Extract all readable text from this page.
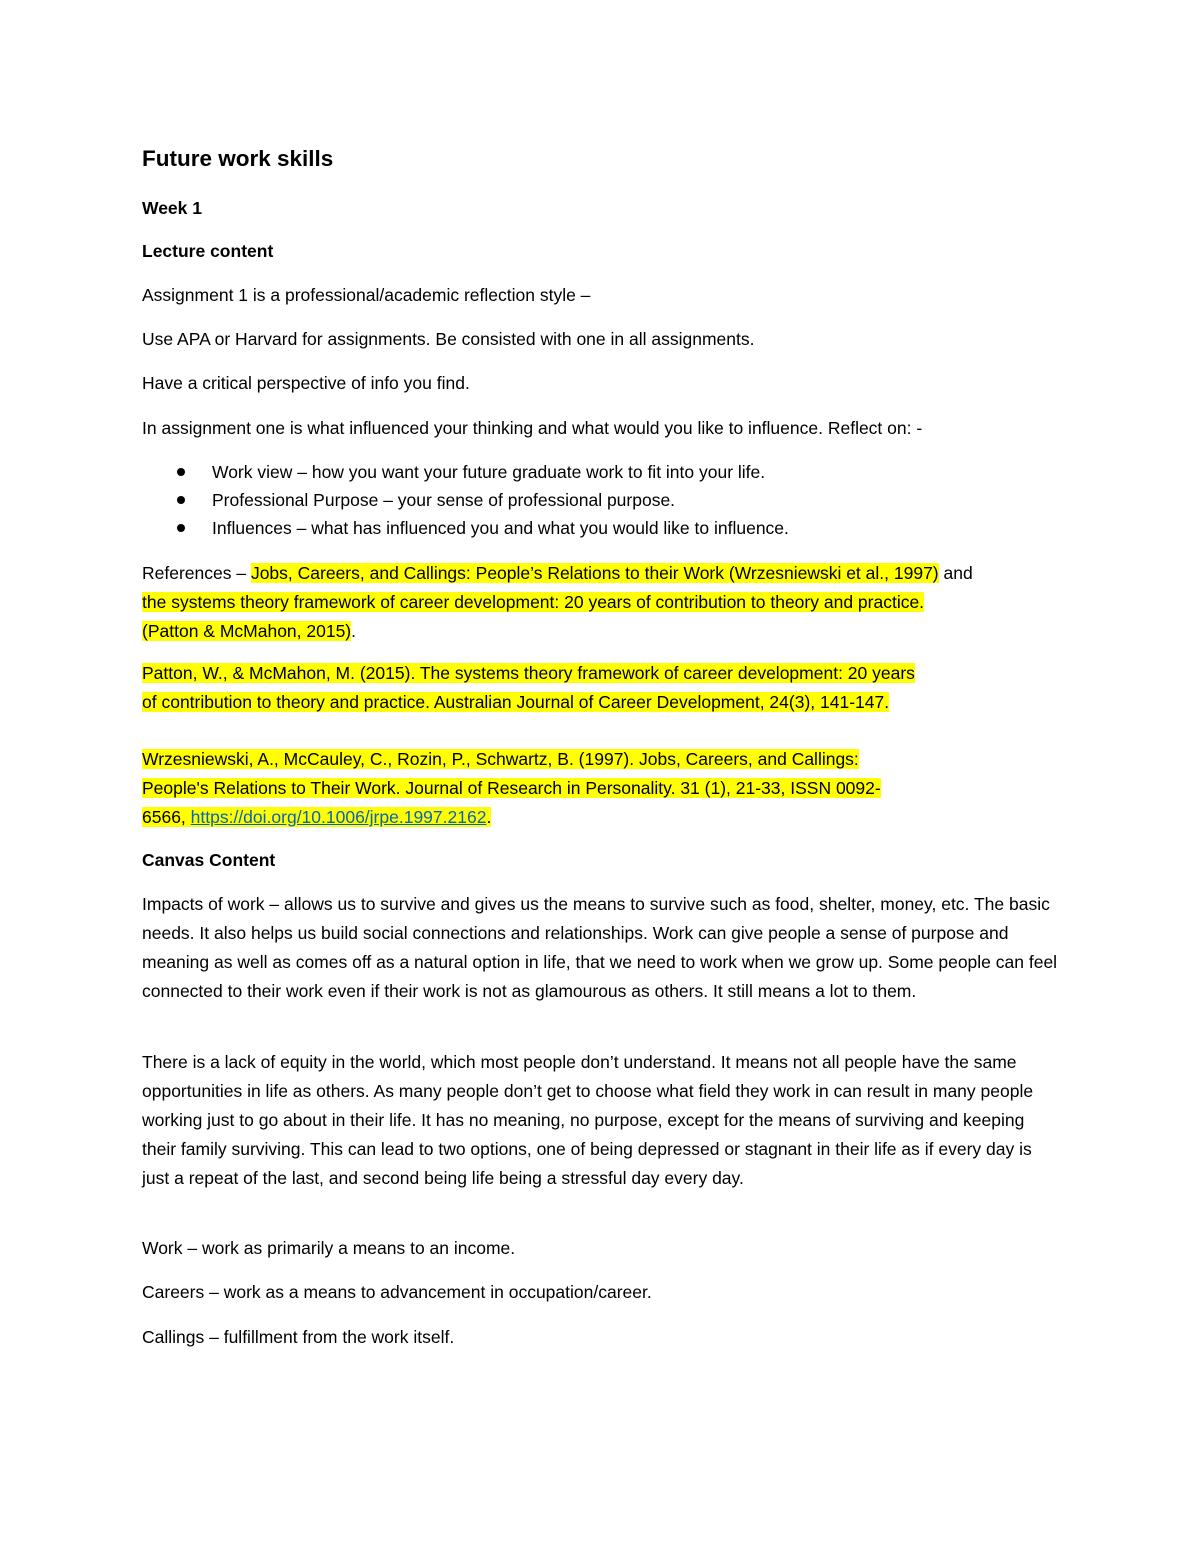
Future work skills
Week 1
Lecture content
Assignment 1 is a professional/academic reflection style –
Use APA or Harvard for assignments. Be consisted with one in all assignments.
Have a critical perspective of info you find.
In assignment one is what influenced your thinking and what would you like to influence. Reflect on: -
Work view – how you want your future graduate work to fit into your life.
Professional Purpose – your sense of professional purpose.
Influences – what has influenced you and what you would like to influence.
References – Jobs, Careers, and Callings: People’s Relations to their Work (Wrzesniewski et al., 1997) and
the systems theory framework of career development: 20 years of contribution to theory and practice.
(Patton & McMahon, 2015).
Patton, W., & McMahon, M. (2015). The systems theory framework of career development: 20 years
of contribution to theory and practice. Australian Journal of Career Development, 24(3), 141-147.
Wrzesniewski, A., McCauley, C., Rozin, P., Schwartz, B. (1997). Jobs, Careers, and Callings:
People's Relations to Their Work. Journal of Research in Personality. 31 (1), 21-33, ISSN 0092-
6566, https://doi.org/10.1006/jrpe.1997.2162.
Canvas Content
Impacts of work – allows us to survive and gives us the means to survive such as food, shelter, money, etc. The basic needs. It also helps us build social connections and relationships. Work can give people a sense of purpose and meaning as well as comes off as a natural option in life, that we need to work when we grow up. Some people can feel connected to their work even if their work is not as glamourous as others. It still means a lot to them.
There is a lack of equity in the world, which most people don’t understand. It means not all people have the same opportunities in life as others. As many people don’t get to choose what field they work in can result in many people working just to go about in their life. It has no meaning, no purpose, except for the means of surviving and keeping their family surviving. This can lead to two options, one of being depressed or stagnant in their life as if every day is just a repeat of the last, and second being life being a stressful day every day.
Work – work as primarily a means to an income.
Careers – work as a means to advancement in occupation/career.
Callings – fulfillment from the work itself.
